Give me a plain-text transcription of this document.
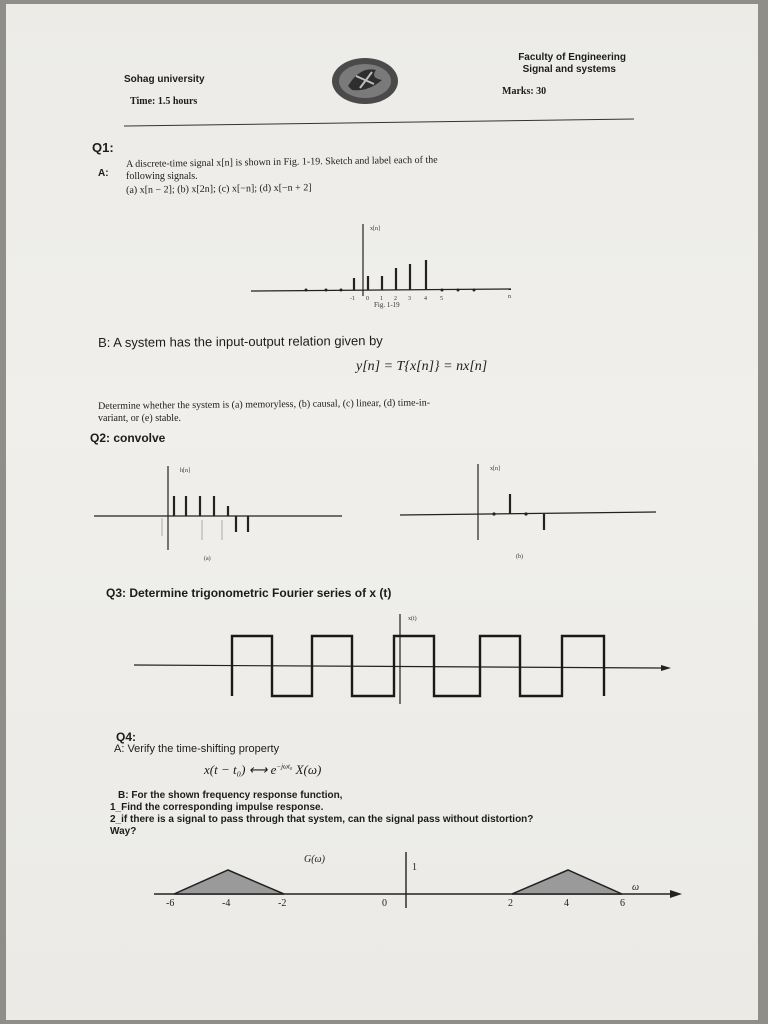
Faculty of Engineering
Signal and systems
Sohag university
Marks: 30
Time: 1.5 hours
Q1:
A:
A discrete-time signal x[n] is shown in Fig. 1-19. Sketch and label each of the
following signals.
(a) x[n − 2]; (b) x[2n]; (c) x[−n]; (d) x[−n + 2]
-1 0 1 2 3 4 5	n
x[n]
Fig. 1-19
B: A system has the input-output relation given by
y[n] = T{x[n]} = nx[n]
Determine whether the system is (a) memoryless, (b) causal, (c) linear, (d) time-in-
variant, or (e) stable.
Q2: convolve
h[n]
(a)
x[n]
(b)
Q3: Determine trigonometric Fourier series of x (t)
x(t)
Q4:
A: Verify the time-shifting property
x(t − t₀) ⟷ $e^{-j\omega t_0}$ X(ω)
B: For the shown frequency response function,
1_Find the corresponding impulse response.
2_if there is a signal to pass through that system, can the signal pass without distortion?
Way?
G(ω)
1
ω
-6	-4	-2	0	2	4	6
